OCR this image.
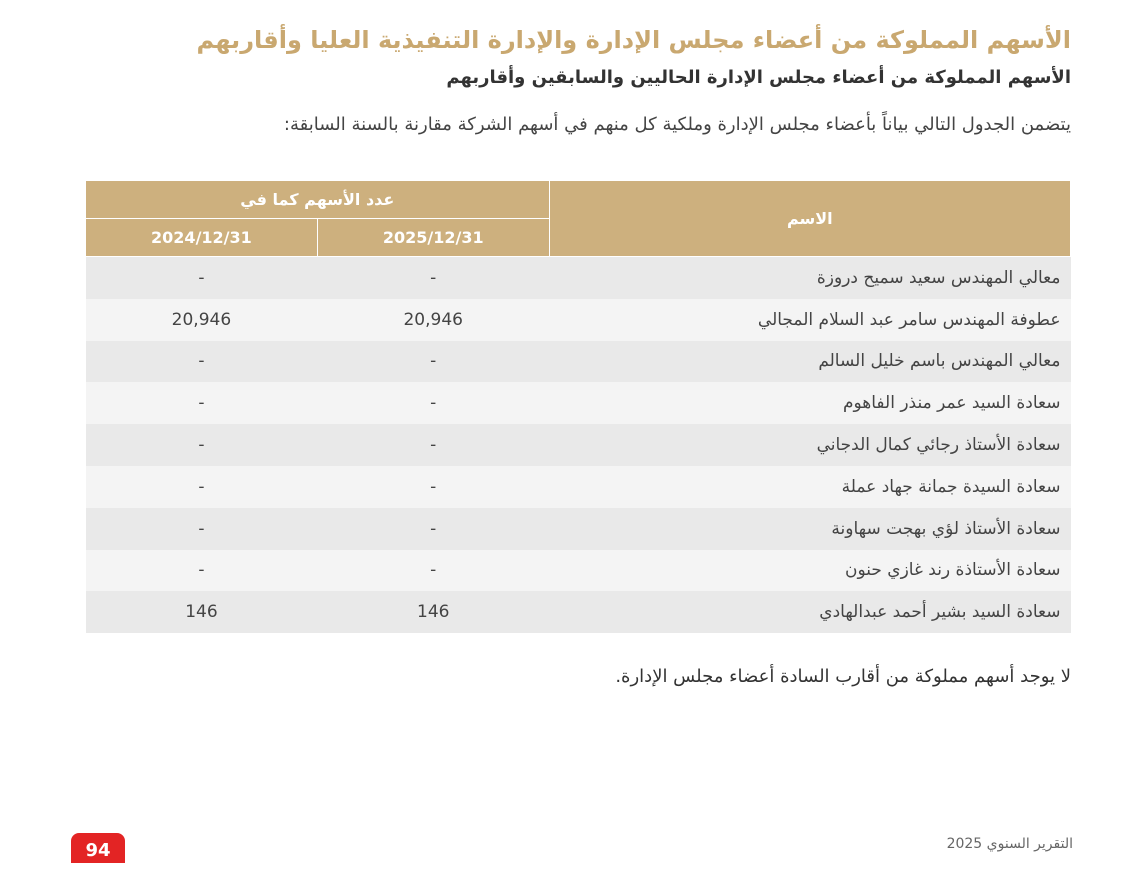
الأسهم المملوكة من أعضاء مجلس الإدارة والإدارة التنفيذية العليا وأقاربهم
الأسهم المملوكة من أعضاء مجلس الإدارة الحاليين والسابقين وأقاربهم
يتضمن الجدول التالي بياناً بأعضاء مجلس الإدارة وملكية كل منهم في أسهم الشركة مقارنة بالسنة السابقة:
الاسم	عدد الأسهم كما في	
	2025/12/31	2024/12/31
معالي المهندس سعيد سميح دروزة	-	-
عطوفة المهندس سامر عبد السلام المجالي	20,946	20,946
معالي المهندس باسم خليل السالم	-	-
سعادة السيد عمر منذر الفاهوم	-	-
سعادة الأستاذ رجائي كمال الدجاني	-	-
سعادة السيدة جمانة جهاد عملة	-	-
سعادة الأستاذ لؤي بهجت سهاونة	-	-
سعادة الأستاذة رند غازي حنون	-	-
سعادة السيد بشير أحمد عبدالهادي	146	146
لا يوجد أسهم مملوكة من أقارب السادة أعضاء مجلس الإدارة.
التقرير السنوي 2025
94
